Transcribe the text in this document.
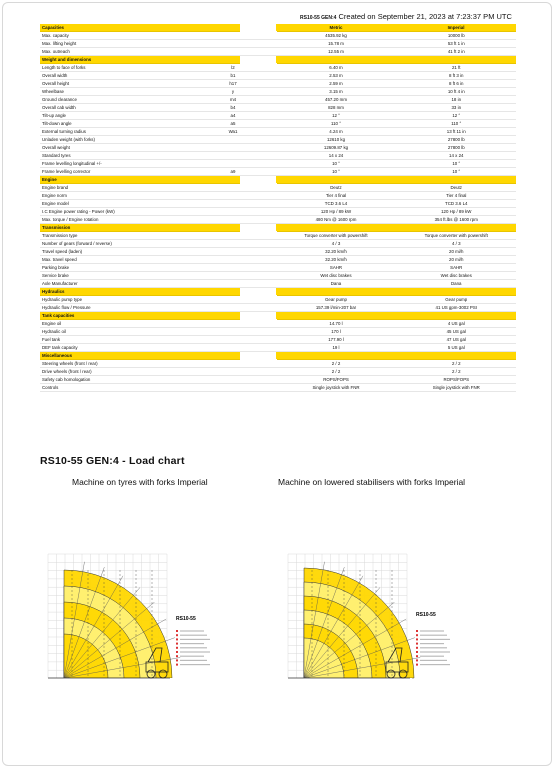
RS10-55 GEN:4 Created on September 21, 2023 at 7:23:37 PM UTC
Capacities			Metric	Imperial
Max. capacity			4535.92 kg	10000 lb
Max. lifting height			15.78 m	53 ft 1 in
Max. outreach			12.55 m	41 ft 2 in
Weight and dimensions				
Length to face of forks	l2		6.40 m	21 ft
Overall width	b1		2.53 m	8 ft 3 in
Overall height	h17		2.59 m	8 ft 6 in
Wheelbase	y		3.15 m	10 ft 4 in
Ground clearance	m4		457.20 mm	18 in
Overall cab width	b4		828 mm	33 in
Tilt-up angle	a4		12 °	12 °
Tilt-down angle	a5		110 °	110 °
External turning radius	Wa1		4.24 m	13 ft 11 in
Unladen weight (with forks)			12610 kg	27800 lb
Overall weight			12609.87 kg	27800 lb
Standard tyres			14 x 24	14 x 24
Frame levelling longitudinal +/-			10 °	10 °
Frame levelling corrector	a9		10 °	10 °
Engine				
Engine brand			Deutz	Deutz
Engine norm			Tier 4 final	Tier 4 final
Engine model			TCD 3.6 L4	TCD 3.6 L4
I.C Engine power rating - Power (kW)			120 Hp / 89 kW	120 Hp / 89 kW
Max. torque / Engine rotation			480 Nm @ 1600 rpm	354 ft.lbs @ 1600 rpm
Transmission				
Transmission type			Torque converter with powershift	Torque converter with powershift
Number of gears (forward / reverse)			4 / 3	4 / 3
Travel speed (laden)			32.20 km/h	20 mi/h
Max. travel speed			32.20 km/h	20 mi/h
Parking brake			SAHR	SAHR
Service brake			Wet disc brakes	Wet disc brakes
Axle Manufacturer			Dana	Dana
Hydraulics				
Hydraulic pump type			Gear pump	Gear pump
Hydraulic flow / Pressure			157.39 l/min-207 bar	41 US gpm-3002 PSI
Tank capacities				
Engine oil			14.70 l	4 US gal
Hydraulic oil			170 l	45 US gal
Fuel tank			177.90 l	47 US gal
DEF tank capacity			19 l	5 US gal
Miscellaneous				
Steering wheels (front / rear)			2 / 2	2 / 2
Drive wheels (front / rear)			2 / 2	2 / 2
Safety cab homologation			ROPS/FOPS	ROPS/FOPS
Controls			Single joystick with FNR	Single joystick with FNR
RS10-55 GEN:4 - Load chart
Machine on tyres with forks Imperial	Machine on lowered stabilisers with forks Imperial
RS10-55
RS10-55
